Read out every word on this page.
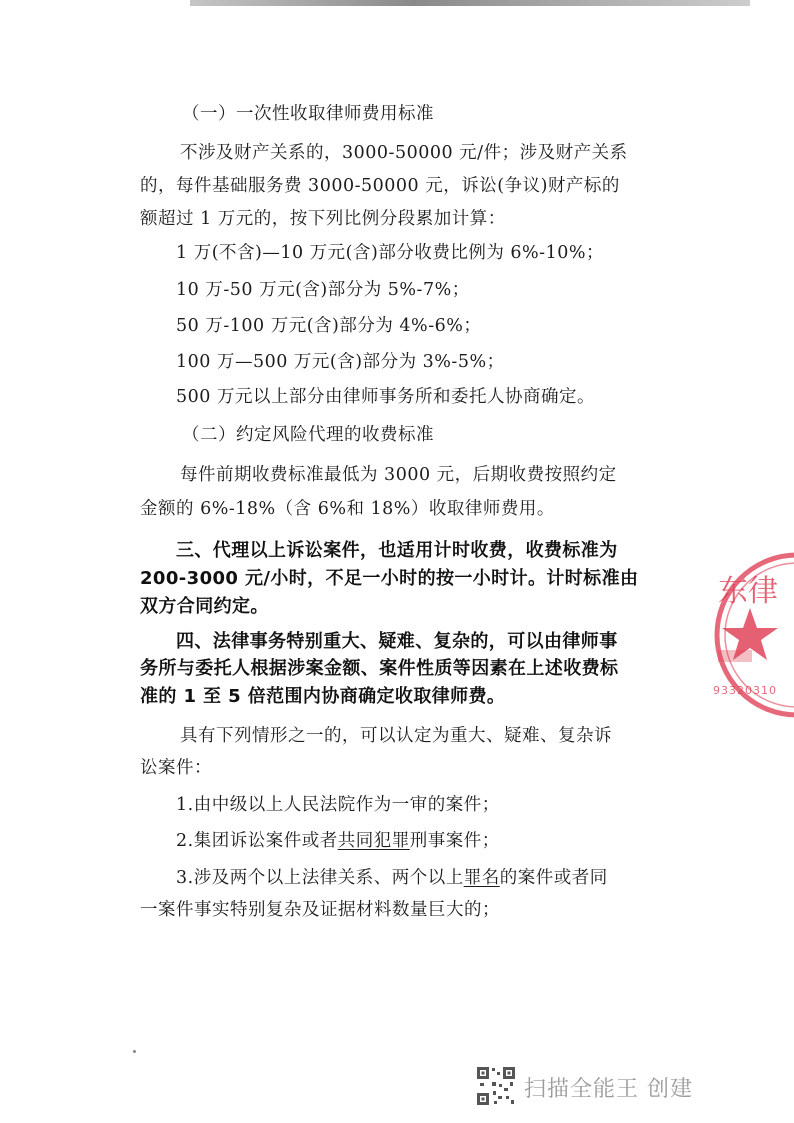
（一）一次性收取律师费用标准

不涉及财产关系的，3000-50000 元/件；涉及财产关系

的，每件基础服务费 3000-50000 元，诉讼(争议)财产标的

额超过 1 万元的，按下列比例分段累加计算：

1 万(不含)—10 万元(含)部分收费比例为 6%-10%；

10 万-50 万元(含)部分为 5%-7%；

50 万-100 万元(含)部分为 4%-6%；

100 万—500 万元(含)部分为 3%-5%；

500 万元以上部分由律师事务所和委托人协商确定。

（二）约定风险代理的收费标准

每件前期收费标准最低为 3000 元，后期收费按照约定

金额的 6%-18%（含 6%和 18%）收取律师费用。

三、代理以上诉讼案件，也适用计时收费，收费标准为

200-3000 元/小时，不足一小时的按一小时计。计时标准由

双方合同约定。

四、法律事务特别重大、疑难、复杂的，可以由律师事

务所与委托人根据涉案金额、案件性质等因素在上述收费标

准的 1 至 5 倍范围内协商确定收取律师费。

具有下列情形之一的，可以认定为重大、疑难、复杂诉

讼案件：

1.由中级以上人民法院作为一审的案件；

2.集团诉讼案件或者共同犯罪刑事案件；

3.涉及两个以上法律关系、两个以上罪名的案件或者同

一案件事实特别复杂及证据材料数量巨大的；

东律
93320310
扫描全能王 创建
